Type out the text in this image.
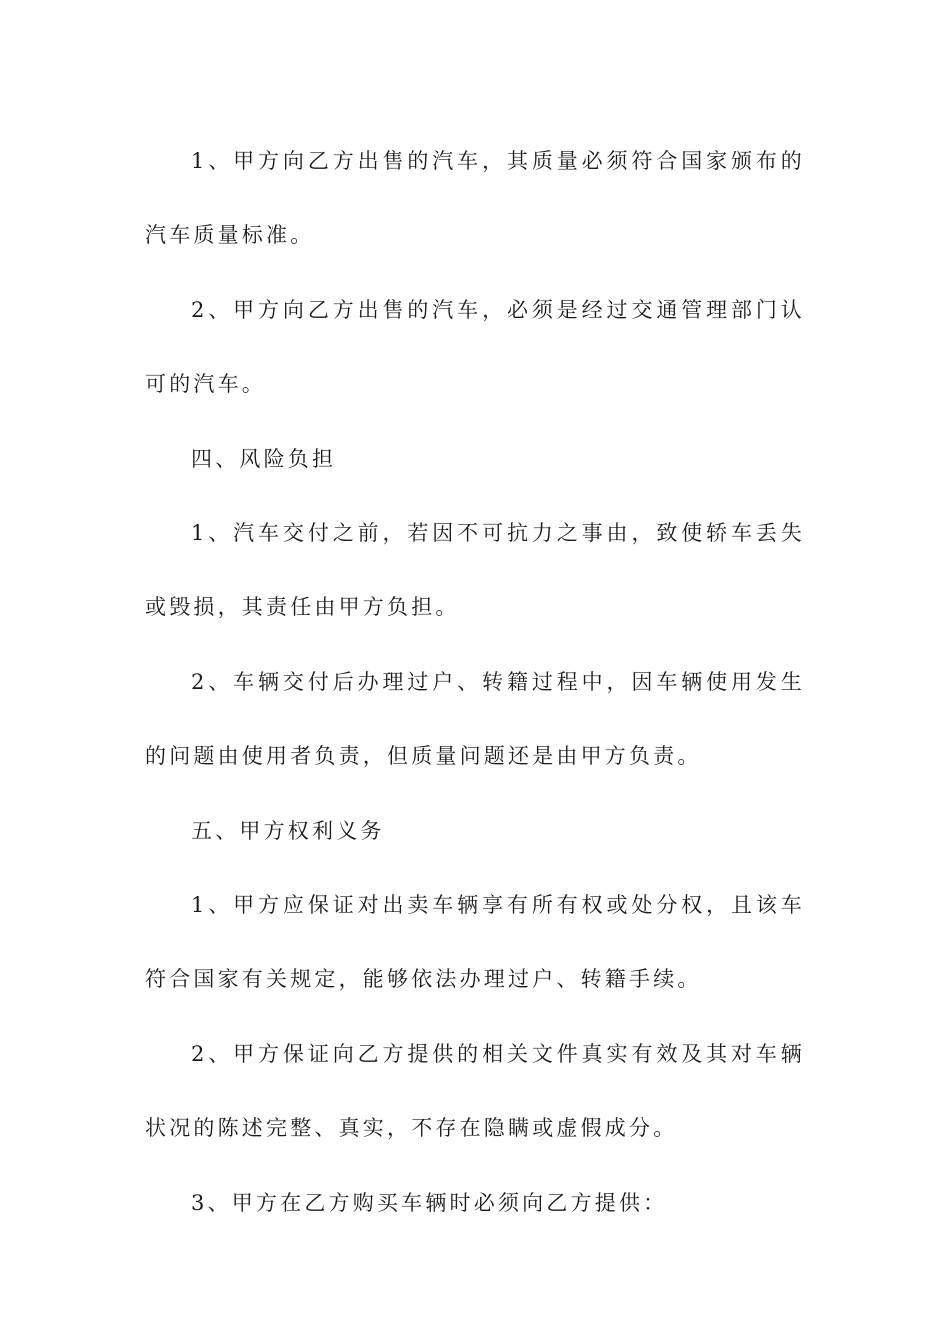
1、甲方向乙方出售的汽车，其质量必须符合国家颁布的汽车质量标准。

2、甲方向乙方出售的汽车，必须是经过交通管理部门认可的汽车。

四、风险负担

1、汽车交付之前，若因不可抗力之事由，致使轿车丢失或毁损，其责任由甲方负担。

2、车辆交付后办理过户、转籍过程中，因车辆使用发生的问题由使用者负责，但质量问题还是由甲方负责。

五、甲方权利义务

1、甲方应保证对出卖车辆享有所有权或处分权，且该车符合国家有关规定，能够依法办理过户、转籍手续。

2、甲方保证向乙方提供的相关文件真实有效及其对车辆状况的陈述完整、真实，不存在隐瞒或虚假成分。

3、甲方在乙方购买车辆时必须向乙方提供：
